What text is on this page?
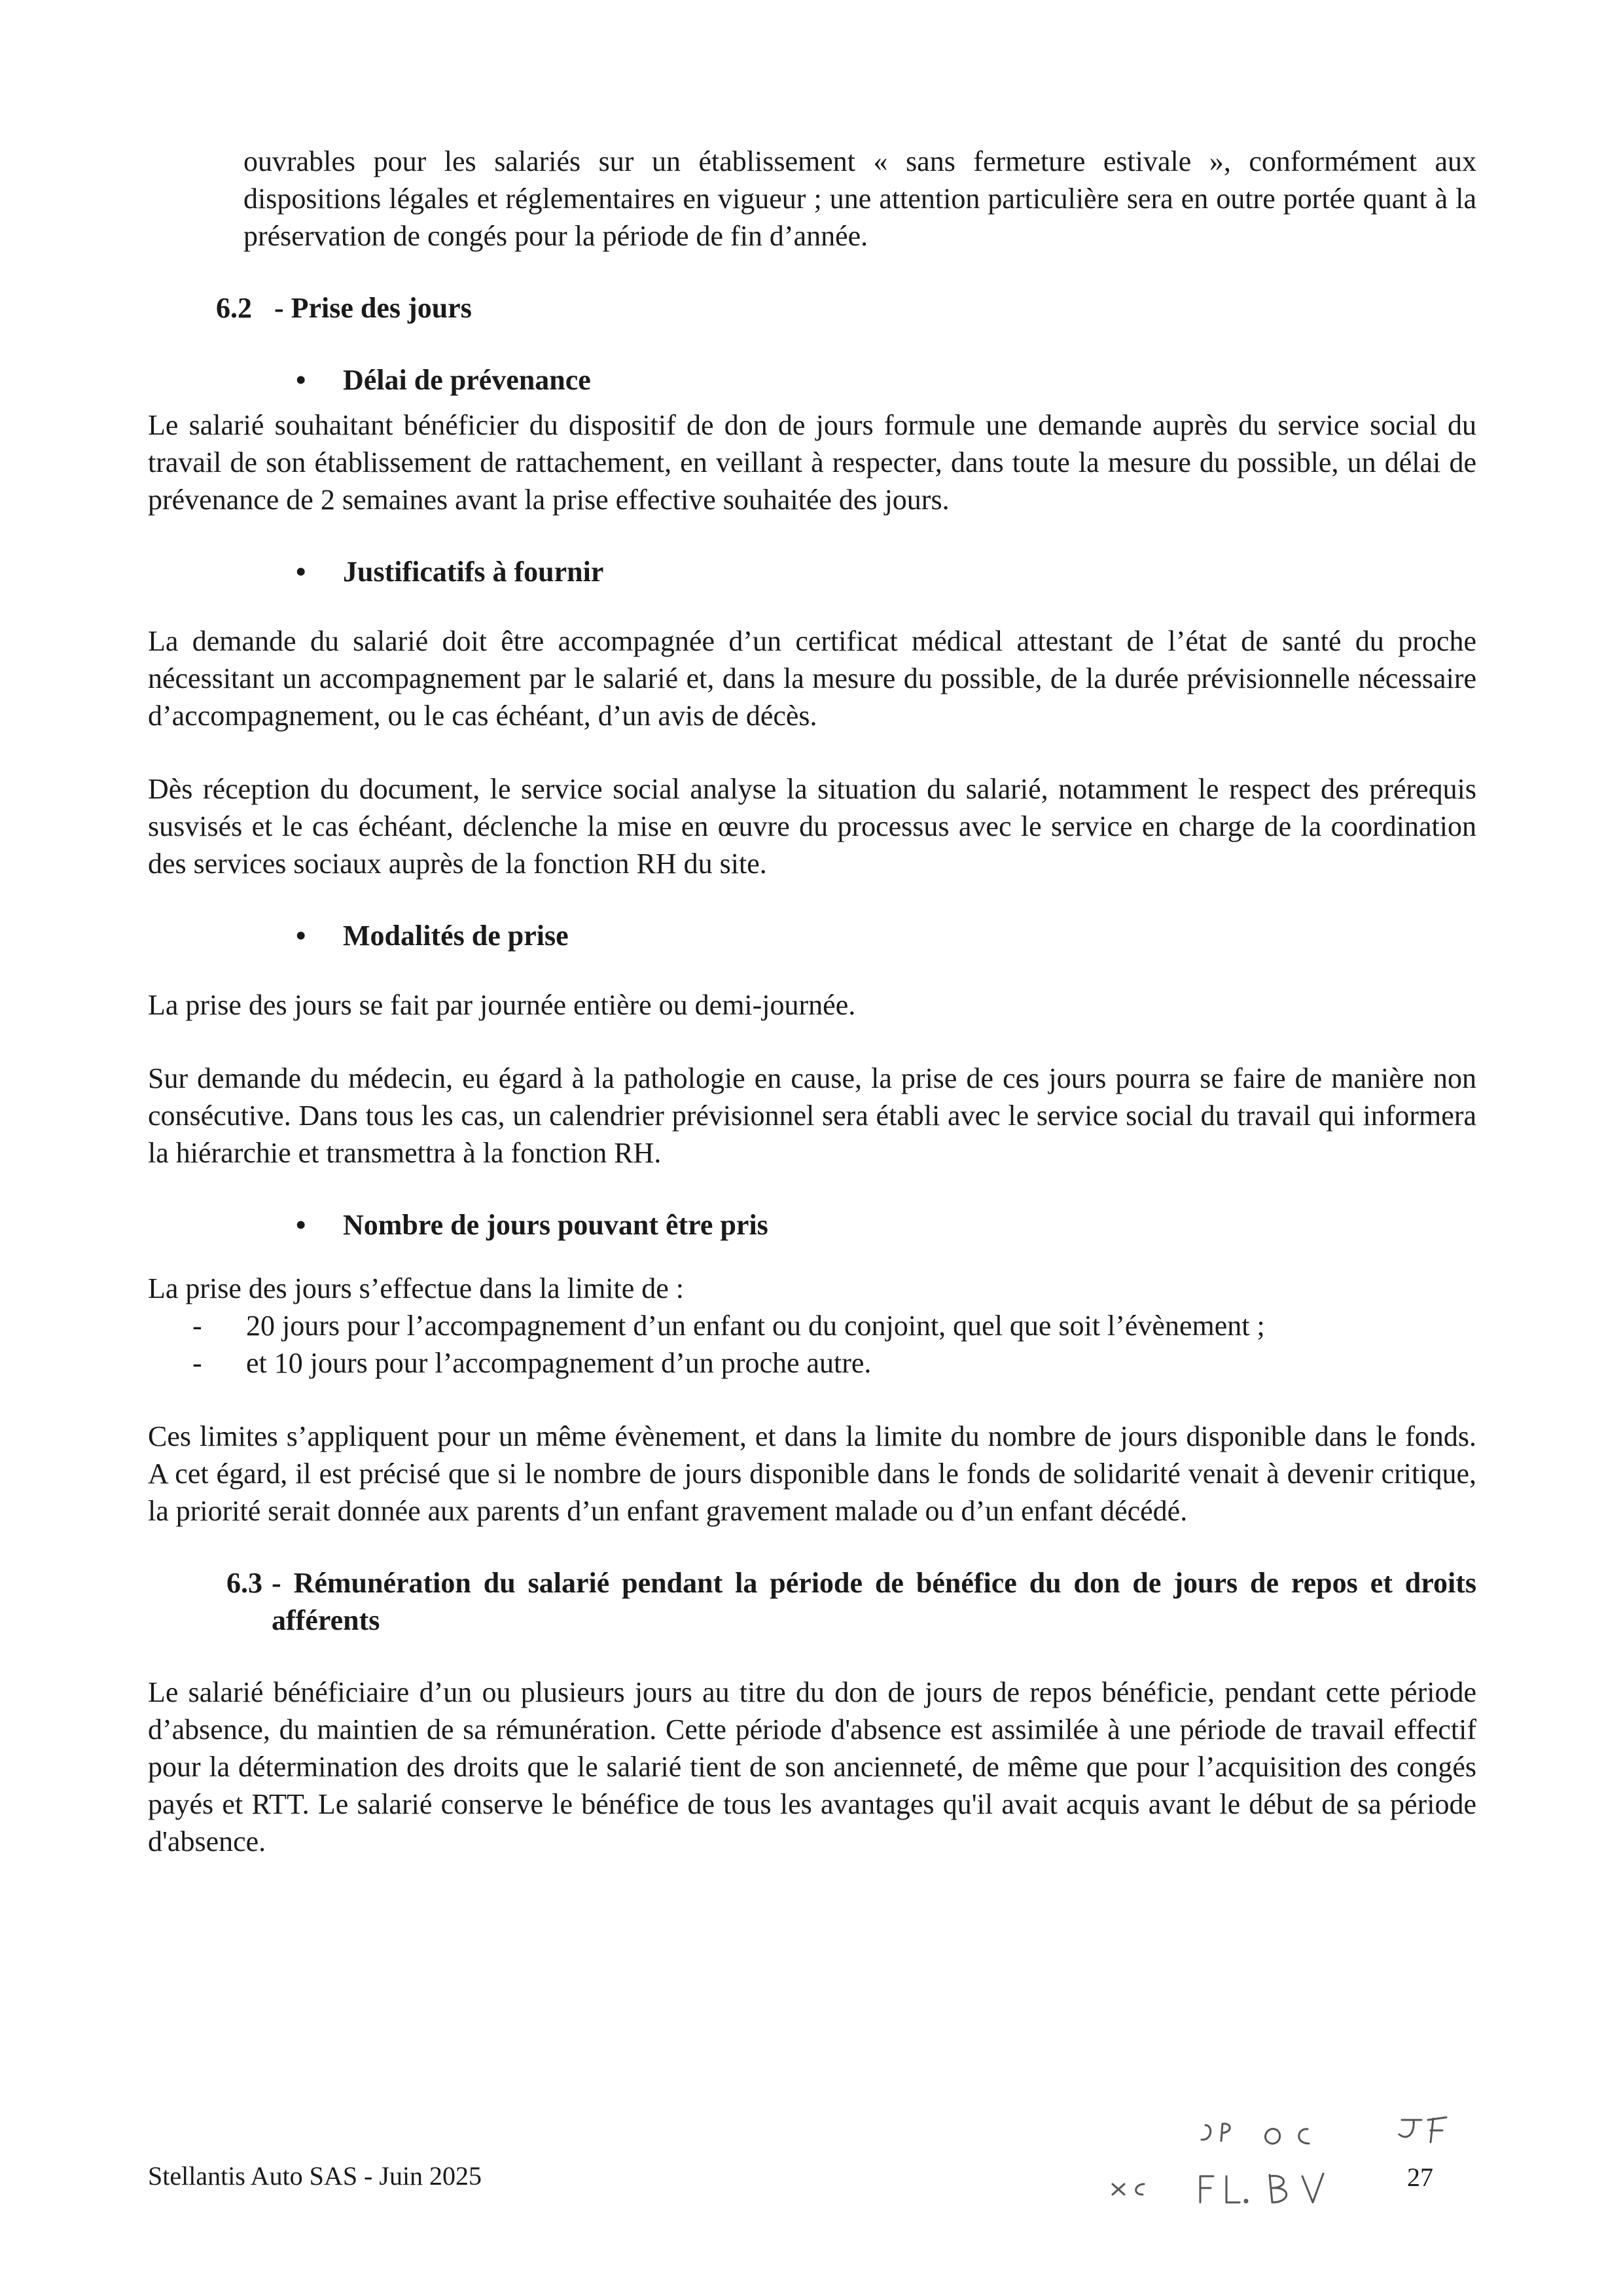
ouvrables pour les salariés sur un établissement « sans fermeture estivale », conformément aux dispositions légales et réglementaires en vigueur ; une attention particulière sera en outre portée quant à la préservation de congés pour la période de fin d’année.

6.2 - Prise des jours
• Délai de prévenance

Le salarié souhaitant bénéficier du dispositif de don de jours formule une demande auprès du service social du travail de son établissement de rattachement, en veillant à respecter, dans toute la mesure du possible, un délai de prévenance de 2 semaines avant la prise effective souhaitée des jours.

• Justificatifs à fournir

La demande du salarié doit être accompagnée d’un certificat médical attestant de l’état de santé du proche nécessitant un accompagnement par le salarié et, dans la mesure du possible, de la durée prévisionnelle nécessaire d’accompagnement, ou le cas échéant, d’un avis de décès.

Dès réception du document, le service social analyse la situation du salarié, notamment le respect des prérequis susvisés et le cas échéant, déclenche la mise en œuvre du processus avec le service en charge de la coordination des services sociaux auprès de la fonction RH du site.

• Modalités de prise

La prise des jours se fait par journée entière ou demi-journée.

Sur demande du médecin, eu égard à la pathologie en cause, la prise de ces jours pourra se faire de manière non consécutive. Dans tous les cas, un calendrier prévisionnel sera établi avec le service social du travail qui informera la hiérarchie et transmettra à la fonction RH.

• Nombre de jours pouvant être pris

La prise des jours s’effectue dans la limite de :

- 20 jours pour l’accompagnement d’un enfant ou du conjoint, quel que soit l’évènement ;
- et 10 jours pour l’accompagnement d’un proche autre.

Ces limites s’appliquent pour un même évènement, et dans la limite du nombre de jours disponible dans le fonds. A cet égard, il est précisé que si le nombre de jours disponible dans le fonds de solidarité venait à devenir critique, la priorité serait donnée aux parents d’un enfant gravement malade ou d’un enfant décédé.

6.3 - Rémunération du salarié pendant la période de bénéfice du don de jours de repos et droits afférents

Le salarié bénéficiaire d’un ou plusieurs jours au titre du don de jours de repos bénéficie, pendant cette période d’absence, du maintien de sa rémunération. Cette période d'absence est assimilée à une période de travail effectif pour la détermination des droits que le salarié tient de son ancienneté, de même que pour l’acquisition des congés payés et RTT. Le salarié conserve le bénéfice de tous les avantages qu'il avait acquis avant le début de sa période d'absence.

Stellantis Auto SAS - Juin 2025	27
